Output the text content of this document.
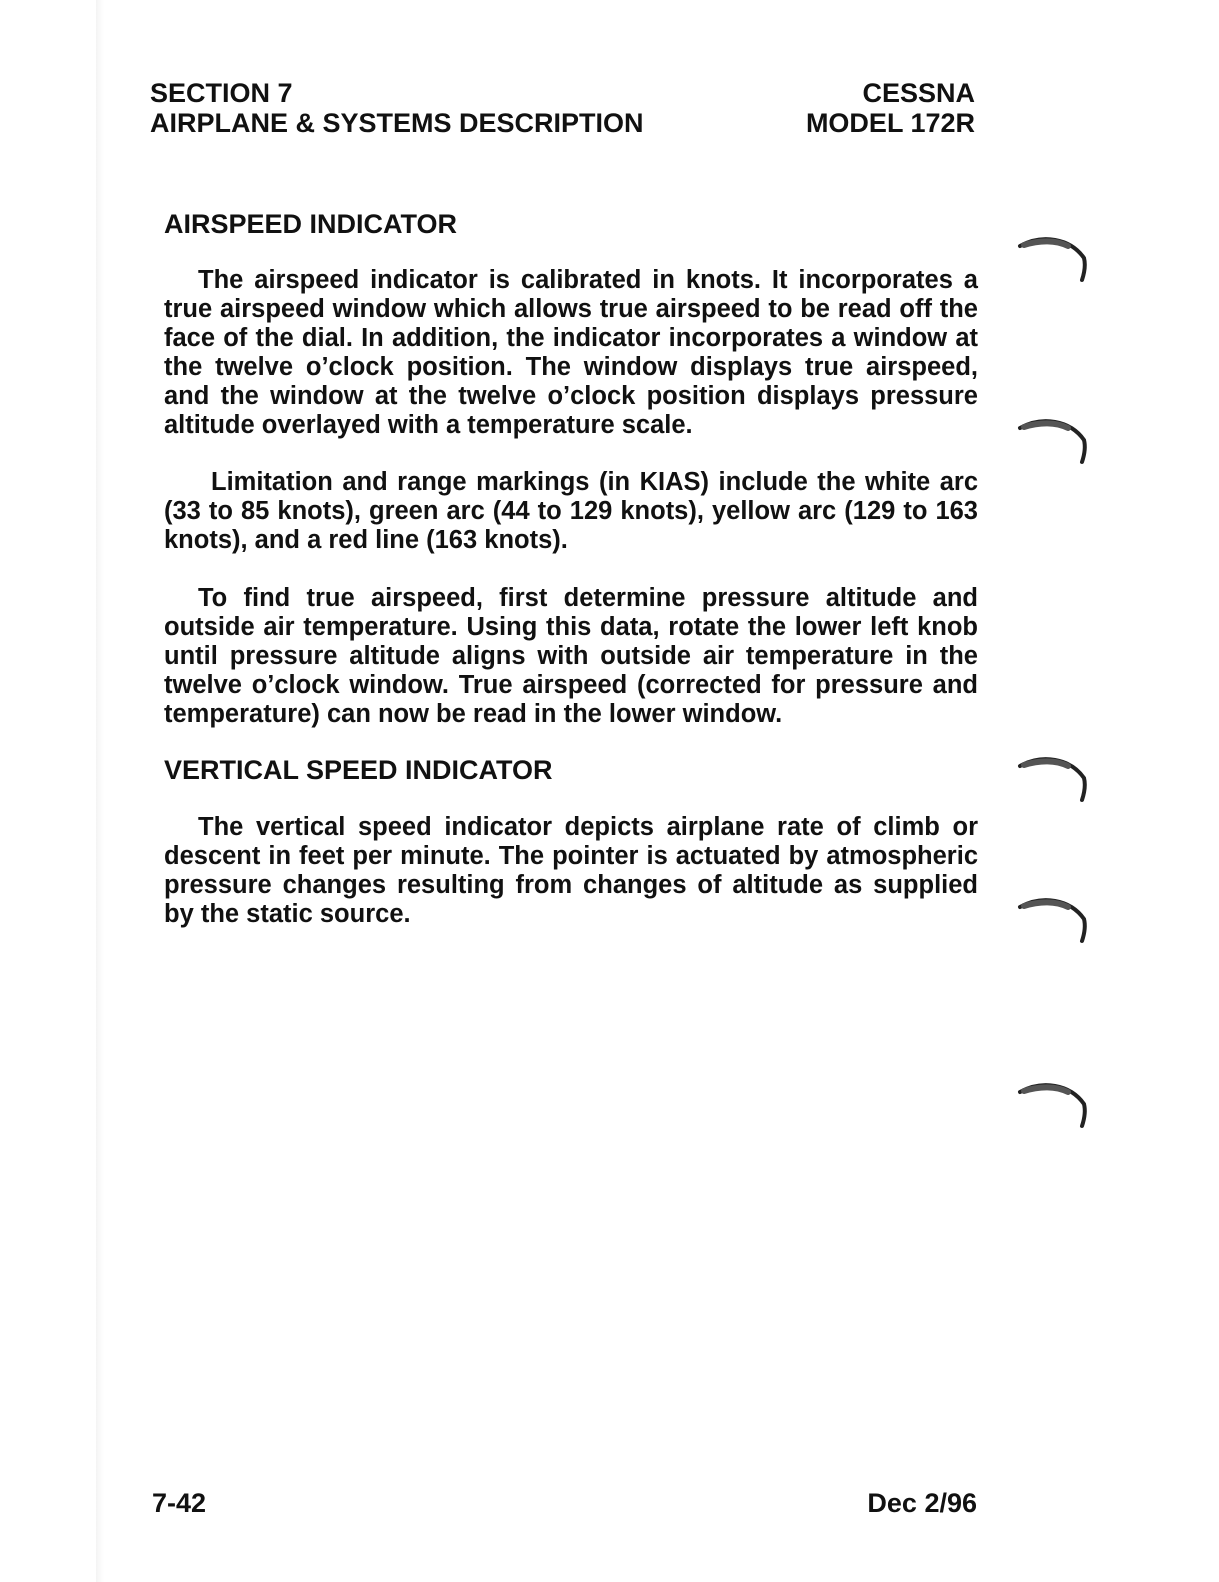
SECTION 7
AIRPLANE & SYSTEMS DESCRIPTION
CESSNA
MODEL 172R
AIRSPEED INDICATOR
The airspeed indicator is calibrated in knots. It incorporates a true airspeed window which allows true airspeed to be read off the face of the dial. In addition, the indicator incorporates a window at the twelve o’clock position. The window displays true airspeed, and the window at the twelve o’clock position displays pressure altitude overlayed with a temperature scale.
Limitation and range markings (in KIAS) include the white arc (33 to 85 knots), green arc (44 to 129 knots), yellow arc (129 to 163 knots), and a red line (163 knots).
To find true airspeed, first determine pressure altitude and outside air temperature. Using this data, rotate the lower left knob until pressure altitude aligns with outside air temperature in the twelve o’clock window. True airspeed (corrected for pressure and temperature) can now be read in the lower window.
VERTICAL SPEED INDICATOR
The vertical speed indicator depicts airplane rate of climb or descent in feet per minute. The pointer is actuated by atmospheric pressure changes resulting from changes of altitude as supplied by the static source.
7-42	Dec 2/96
